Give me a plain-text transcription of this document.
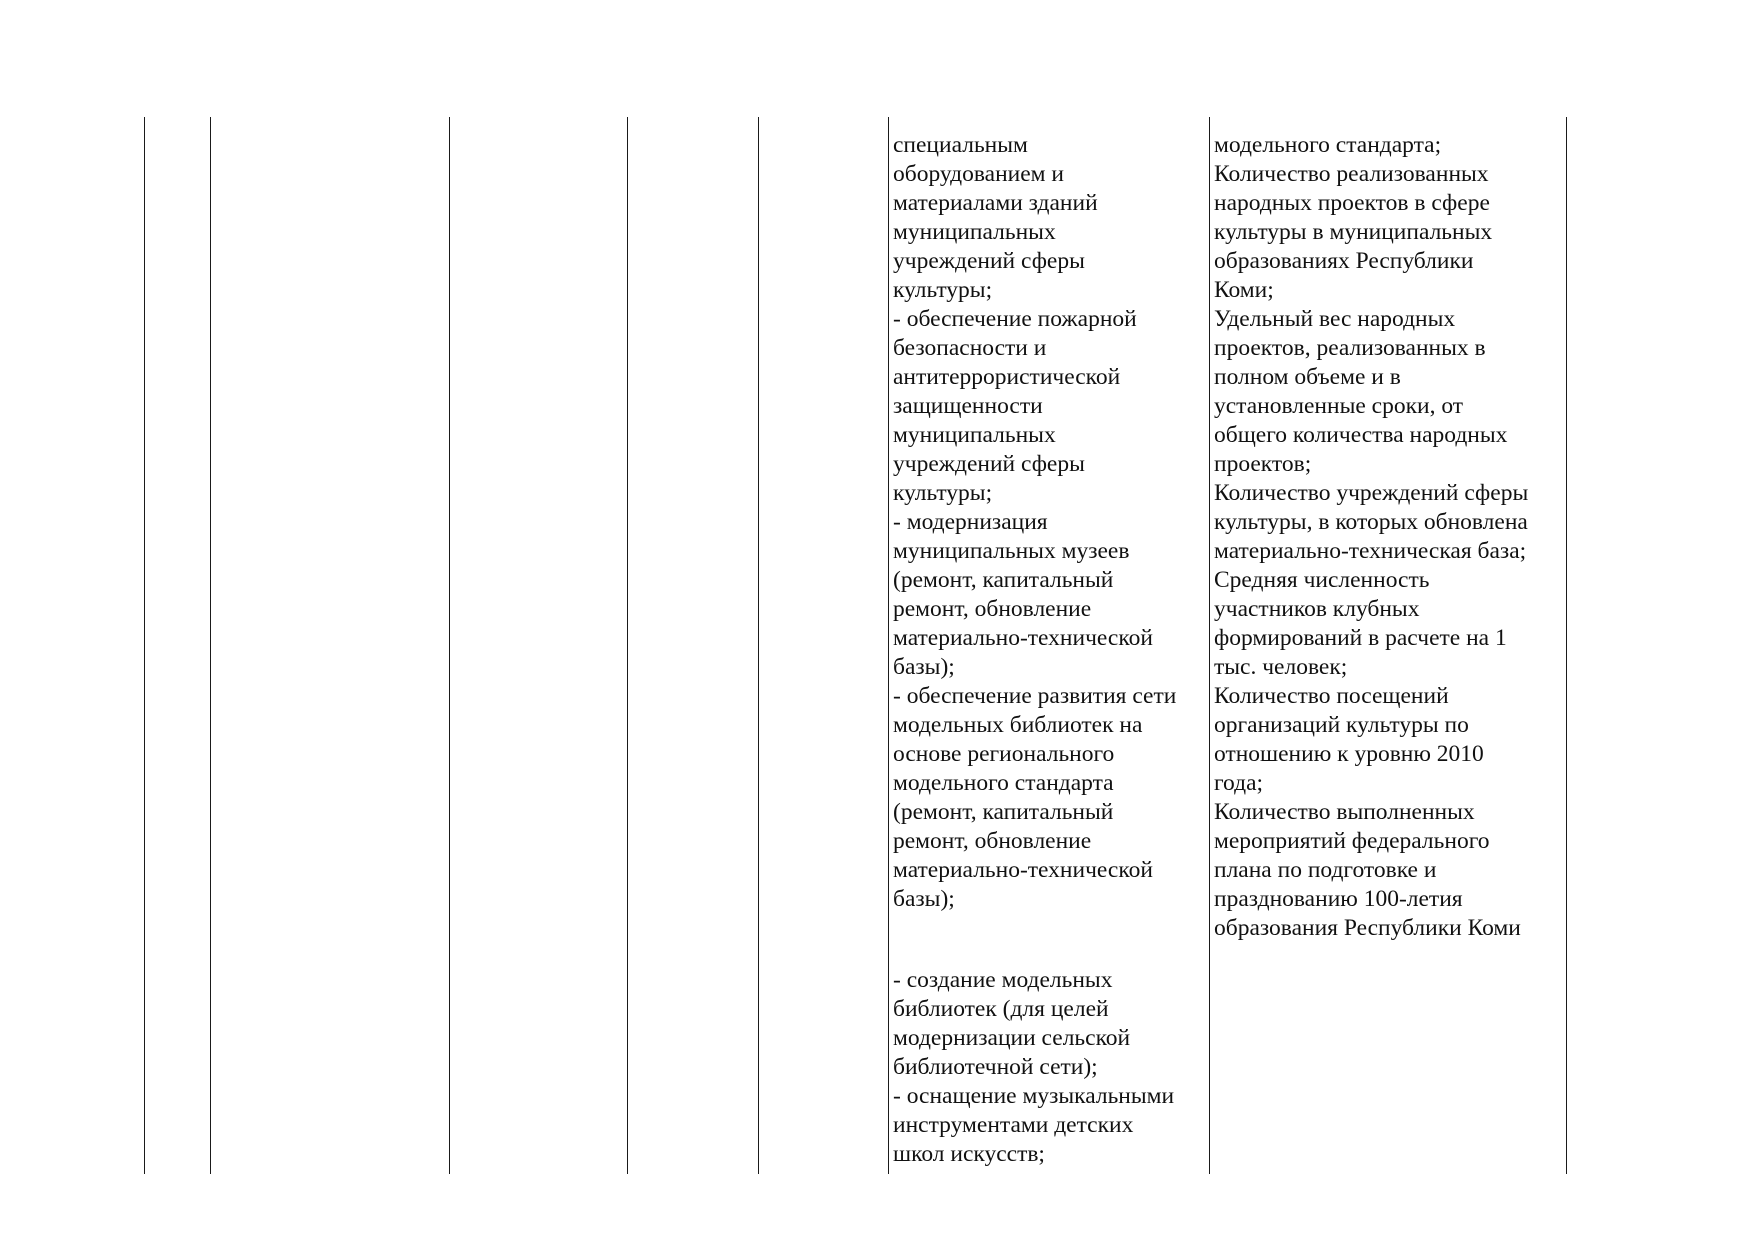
специальным
оборудованием и
материалами зданий
муниципальных
учреждений сферы
культуры;
- обеспечение пожарной
безопасности и
антитеррористической
защищенности
муниципальных
учреждений сферы
культуры;
- модернизация
муниципальных музеев
(ремонт, капитальный
ремонт, обновление
материально-технической
базы);
- обеспечение развития сети
модельных библиотек на
основе регионального
модельного стандарта
(ремонт, капитальный
ремонт, обновление
материально-технической
базы);
- создание модельных
библиотек (для целей
модернизации сельской
библиотечной сети);
- оснащение музыкальными
инструментами детских
школ искусств;
модельного стандарта;
Количество реализованных
народных проектов в сфере
культуры в муниципальных
образованиях Республики
Коми;
Удельный вес народных
проектов, реализованных в
полном объеме и в
установленные сроки, от
общего количества народных
проектов;
Количество учреждений сферы
культуры, в которых обновлена
материально-техническая база;
Средняя численность
участников клубных
формирований в расчете на 1
тыс. человек;
Количество посещений
организаций культуры по
отношению к уровню 2010
года;
Количество выполненных
мероприятий федерального
плана по подготовке и
празднованию 100-летия
образования Республики Коми
